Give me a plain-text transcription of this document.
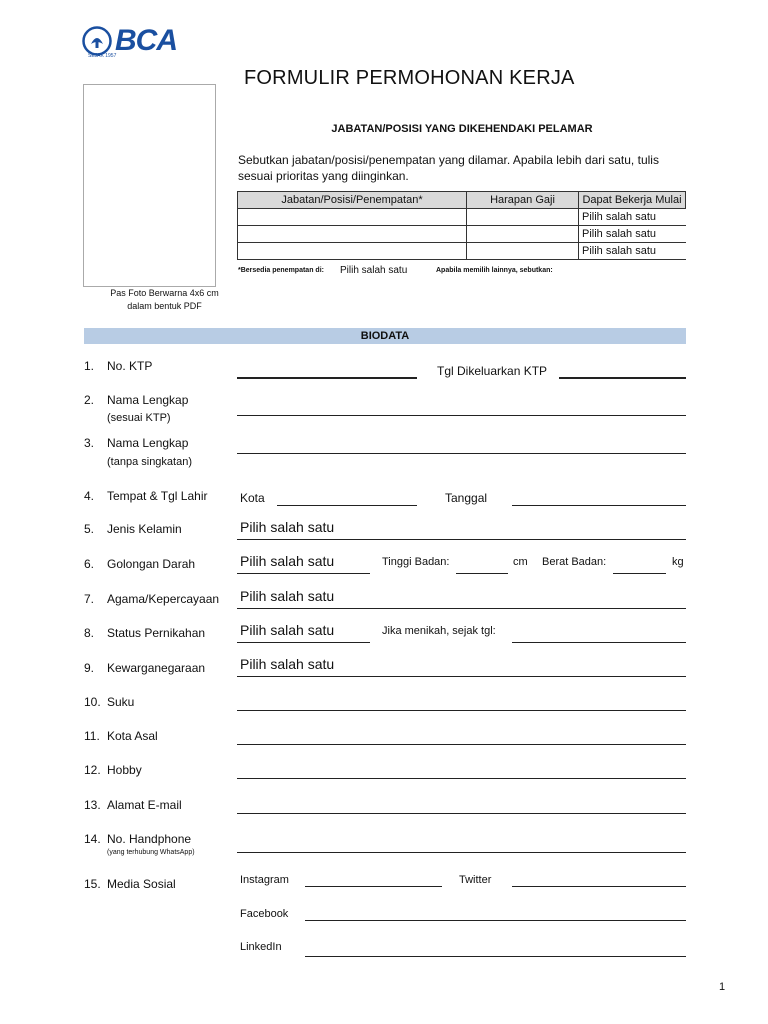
BCA
SEJAK 1957
FORMULIR PERMOHONAN KERJA
Pas Foto Berwarna 4x6 cm
dalam bentuk PDF
JABATAN/POSISI YANG DIKEHENDAKI PELAMAR
Sebutkan jabatan/posisi/penempatan yang dilamar. Apabila lebih dari satu, tulis sesuai prioritas yang diinginkan.
Jabatan/Posisi/Penempatan*	Harapan Gaji	Dapat Bekerja Mulai
		Pilih salah satu
		Pilih salah satu
		Pilih salah satu
*Bersedia penempatan di: Pilih salah satu	Apabila memilih lainnya, sebutkan:
BIODATA
1. No. KTP	Tgl Dikeluarkan KTP
2. Nama Lengkap
(sesuai KTP)
3. Nama Lengkap
(tanpa singkatan)
4. Tempat & Tgl Lahir	Kota	Tanggal
5. Jenis Kelamin	Pilih salah satu
6. Golongan Darah	Pilih salah satu	Tinggi Badan:	cm Berat Badan:	kg
7. Agama/Kepercayaan Pilih salah satu
8. Status Pernikahan Pilih salah satu	Jika menikah, sejak tgl:
9. Kewarganegaraan Pilih salah satu
10. Suku
11. Kota Asal
12. Hobby
13. Alamat E-mail
14. No. Handphone
(yang terhubung WhatsApp)
15. Media Sosial	Instagram	Twitter
Facebook
LinkedIn
1
